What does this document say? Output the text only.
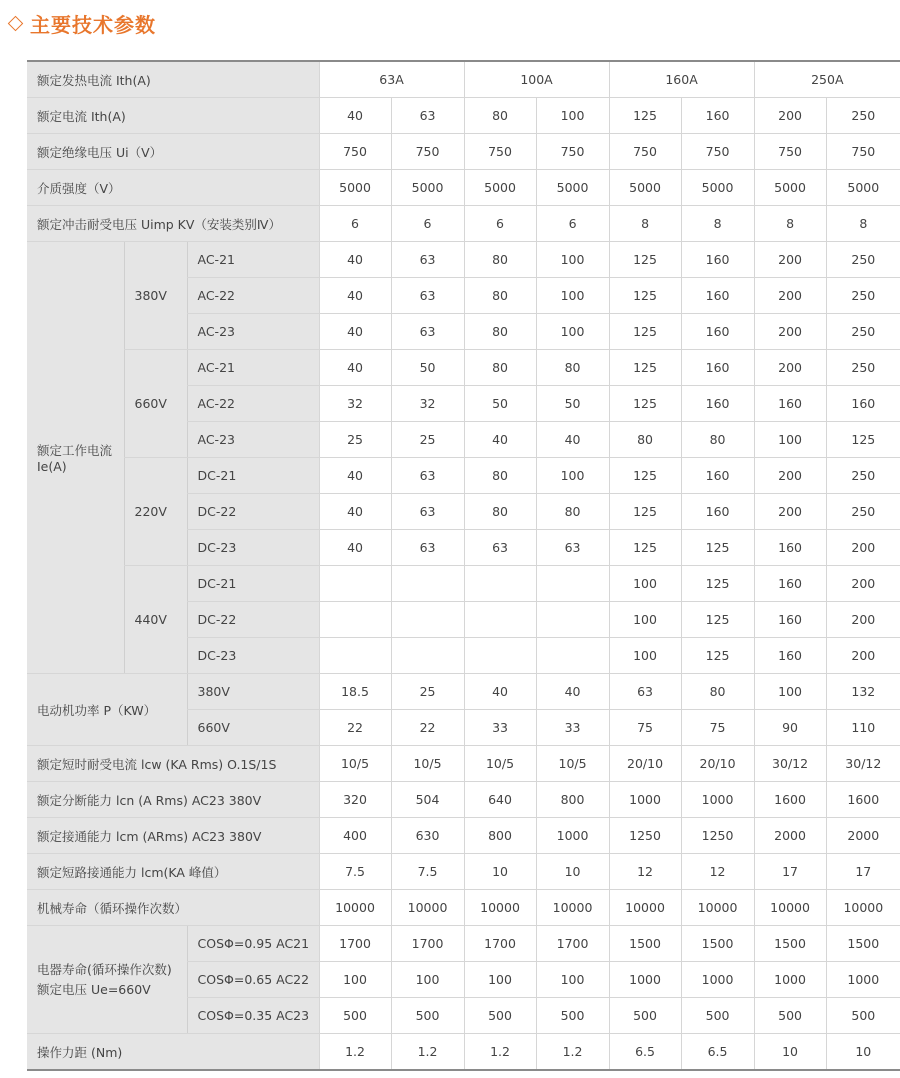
主要技术参数
额定发热电流 Ith(A)			63A		100A		160A		250A	
额定电流 Ith(A)			40	63	80	100	125	160	200	250
额定绝缘电压 Ui（V）			750	750	750	750	750	750	750	750
介质强度（V）			5000	5000	5000	5000	5000	5000	5000	5000
额定冲击耐受电压 Uimp KV（安装类别Ⅳ）			6	6	6	6	8	8	8	8
额定工作电流 Ie(A)	380V	AC-21	40	63	80	100	125	160	200	250
		AC-22	40	63	80	100	125	160	200	250
		AC-23	40	63	80	100	125	160	200	250
	660V	AC-21	40	50	80	80	125	160	200	250
		AC-22	32	32	50	50	125	160	160	160
		AC-23	25	25	40	40	80	80	100	125
	220V	DC-21	40	63	80	100	125	160	200	250
		DC-22	40	63	80	80	125	160	200	250
		DC-23	40	63	63	63	125	125	160	200
	440V	DC-21					100	125	160	200
		DC-22					100	125	160	200
		DC-23					100	125	160	200
电动机功率 P（KW）		380V	18.5	25	40	40	63	80	100	132
		660V	22	22	33	33	75	75	90	110
额定短时耐受电流 lcw (KA Rms) O.1S/1S			10/5	10/5	10/5	10/5	20/10	20/10	30/12	30/12
额定分断能力 lcn (A Rms) AC23 380V			320	504	640	800	1000	1000	1600	1600
额定接通能力 lcm (ARms) AC23 380V			400	630	800	1000	1250	1250	2000	2000
额定短路接通能力 lcm(KA 峰值）			7.5	7.5	10	10	12	12	17	17
机械寿命（循环操作次数）			10000	10000	10000	10000	10000	10000	10000	10000
电器寿命(循环操作次数)
额定电压 Ue=660V		COSΦ=0.95 AC21	1700	1700	1700	1700	1500	1500	1500	1500
		COSΦ=0.65 AC22	100	100	100	100	1000	1000	1000	1000
		COSΦ=0.35 AC23	500	500	500	500	500	500	500	500
操作力距 (Nm)			1.2	1.2	1.2	1.2	6.5	6.5	10	10
